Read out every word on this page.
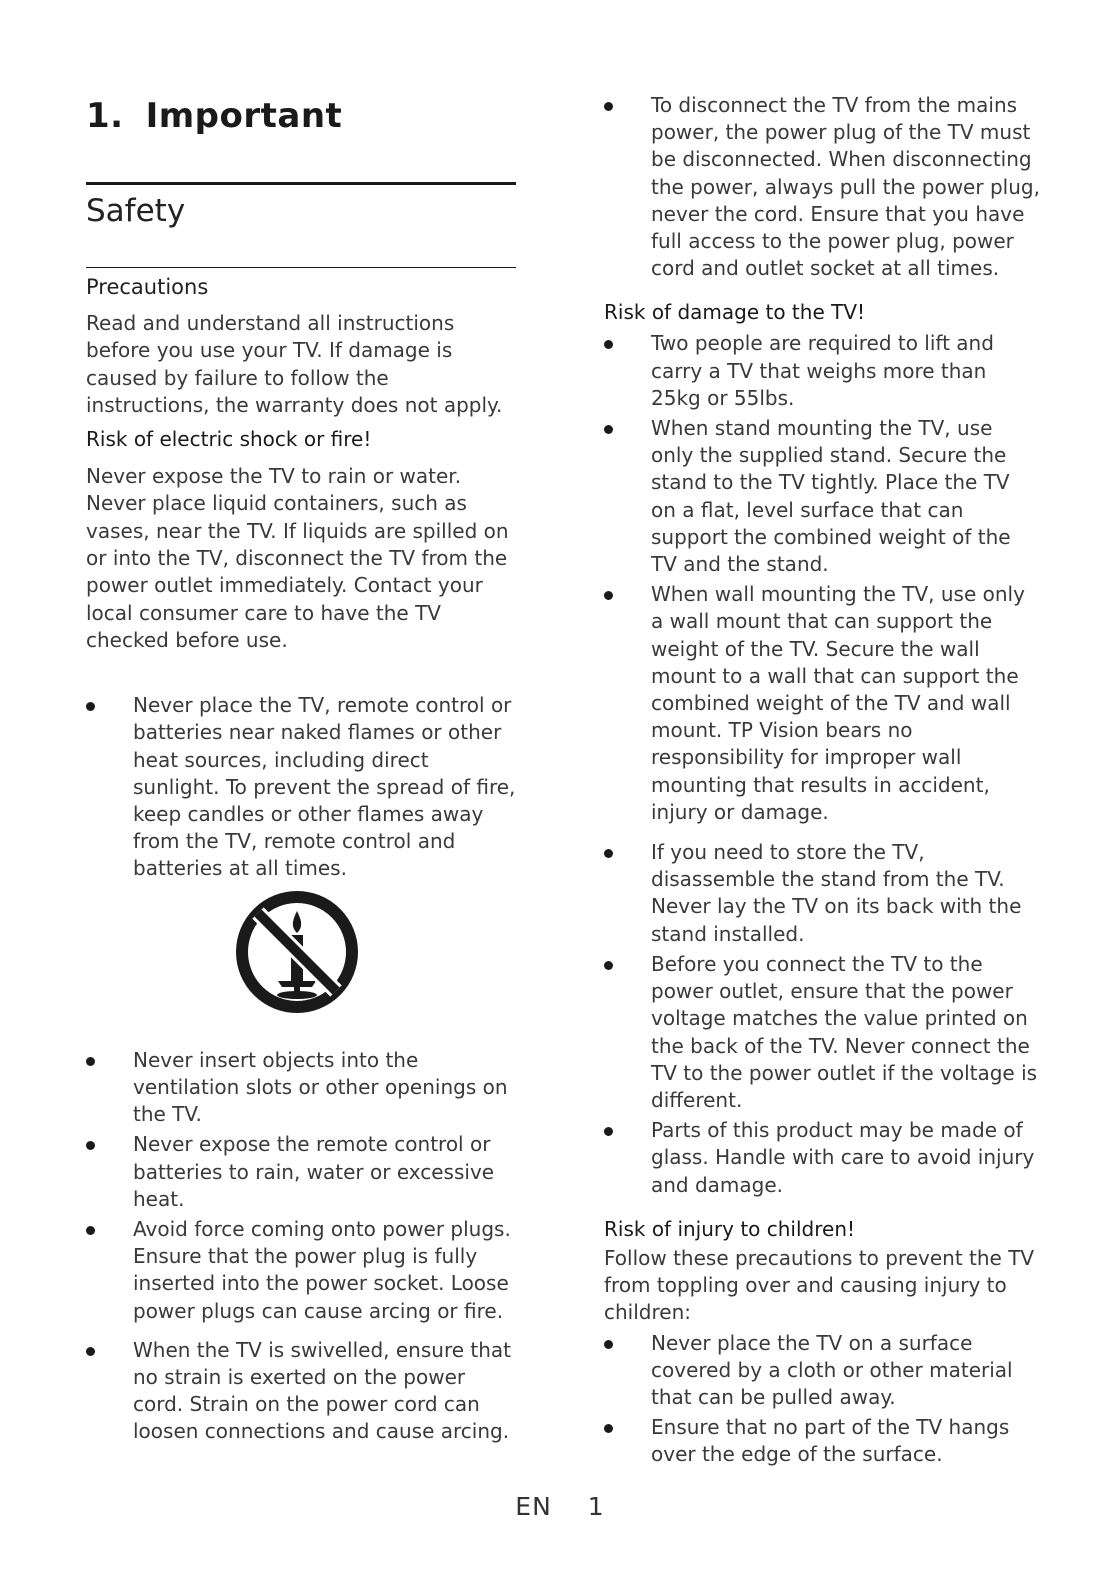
1. Important
Safety
Precautions

Read and understand all instructions before you use your TV. If damage is caused by failure to follow the instructions, the warranty does not apply.

Risk of electric shock or fire!

Never expose the TV to rain or water. Never place liquid containers, such as vases, near the TV. If liquids are spilled on or into the TV, disconnect the TV from the power outlet immediately. Contact your local consumer care to have the TV checked before use.

Never place the TV, remote control or batteries near naked flames or other heat sources, including direct sunlight. To prevent the spread of fire, keep candles or other flames away from the TV, remote control and batteries at all times.
Never insert objects into the ventilation slots or other openings on the TV.
Never expose the remote control or batteries to rain, water or excessive heat.
Avoid force coming onto power plugs. Ensure that the power plug is fully inserted into the power socket. Loose power plugs can cause arcing or fire.
When the TV is swivelled, ensure that no strain is exerted on the power cord. Strain on the power cord can loosen connections and cause arcing.
To disconnect the TV from the mains power, the power plug of the TV must be disconnected. When disconnecting the power, always pull the power plug, never the cord. Ensure that you have full access to the power plug, power cord and outlet socket at all times.
Risk of damage to the TV!
Two people are required to lift and carry a TV that weighs more than 25kg or 55lbs.
When stand mounting the TV, use only the supplied stand. Secure the stand to the TV tightly. Place the TV on a flat, level surface that can support the combined weight of the TV and the stand.
When wall mounting the TV, use only a wall mount that can support the weight of the TV. Secure the wall mount to a wall that can support the combined weight of the TV and wall mount. TP Vision bears no responsibility for improper wall mounting that results in accident, injury or damage.
If you need to store the TV, disassemble the stand from the TV. Never lay the TV on its back with the stand installed.
Before you connect the TV to the power outlet, ensure that the power voltage matches the value printed on the back of the TV. Never connect the TV to the power outlet if the voltage is different.
Parts of this product may be made of glass. Handle with care to avoid injury and damage.
Risk of injury to children!

Follow these precautions to prevent the TV from toppling over and causing injury to children:

Never place the TV on a surface covered by a cloth or other material that can be pulled away.
Ensure that no part of the TV hangs over the edge of the surface.
EN 1
